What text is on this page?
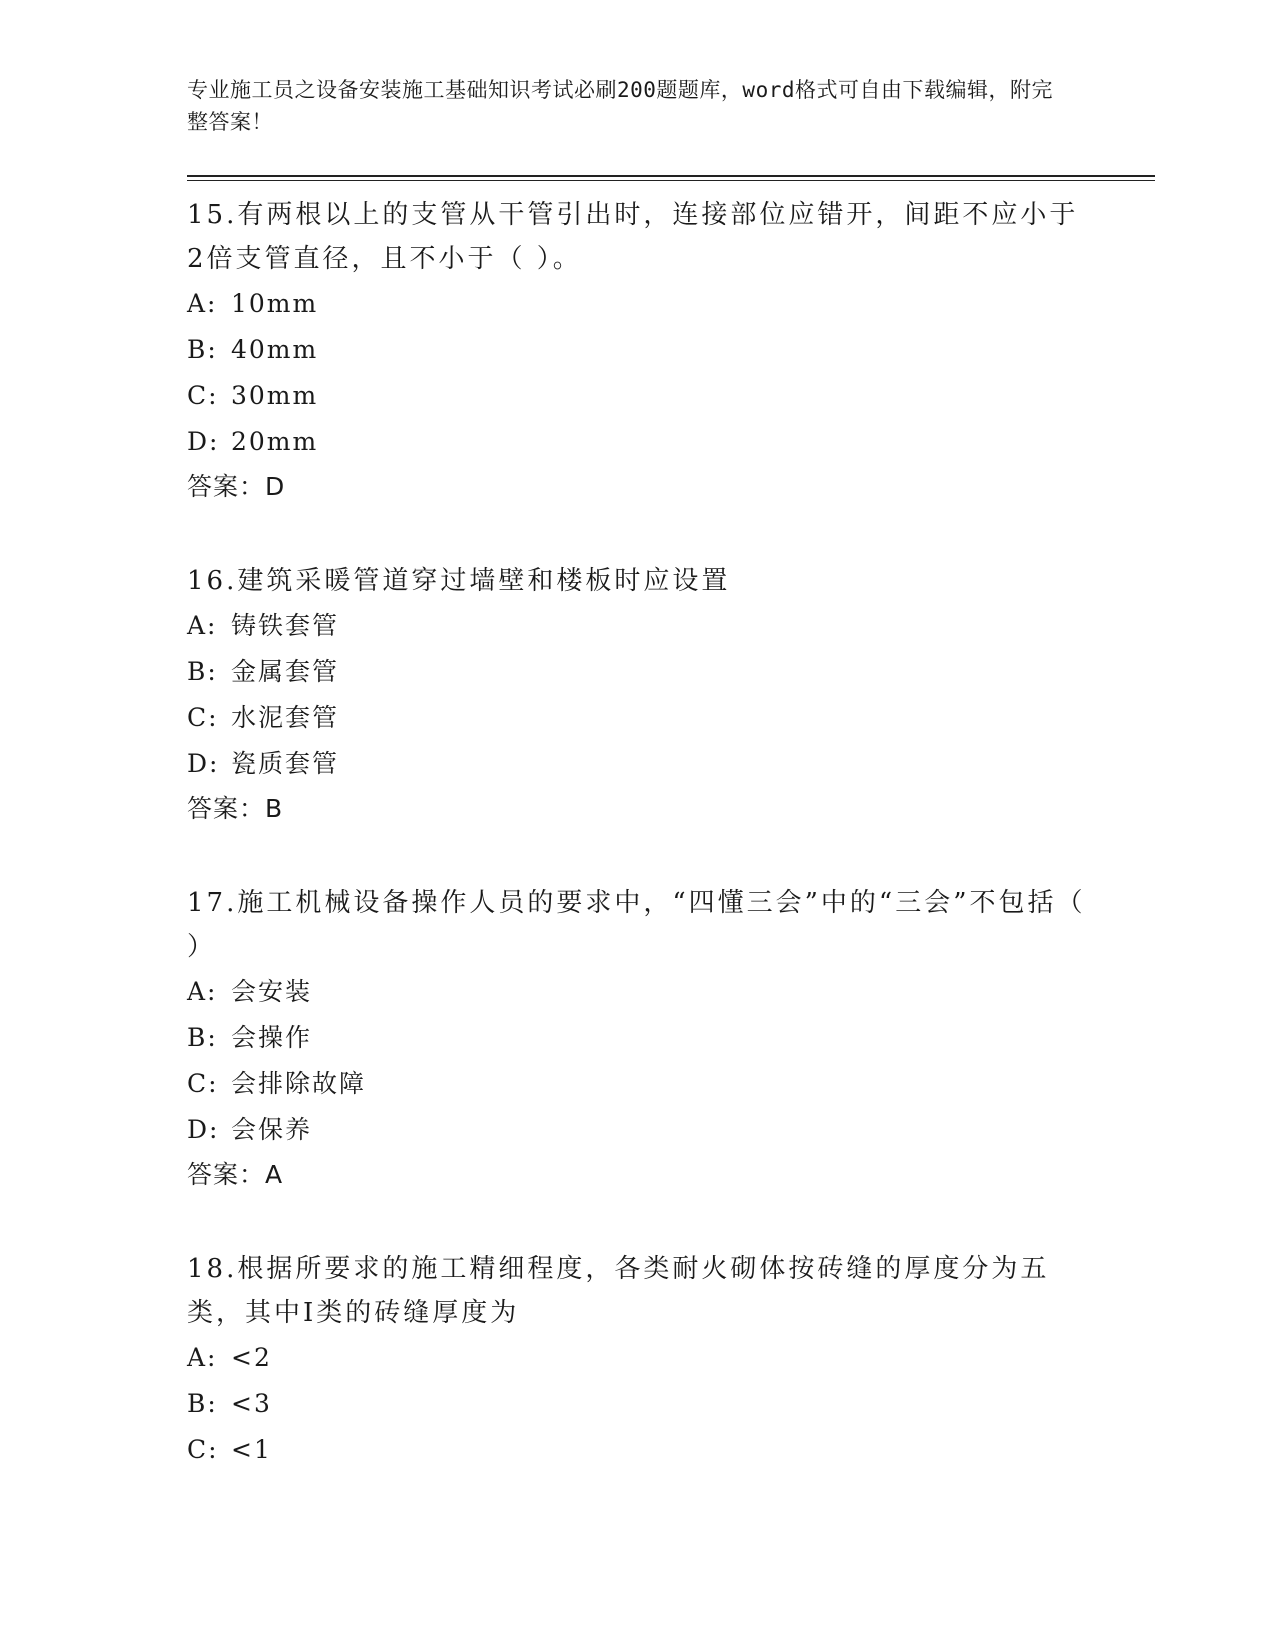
专业施工员之设备安装施工基础知识考试必刷200题题库，word格式可自由下载编辑，附完整答案！

15.有两根以上的支管从干管引出时，连接部位应错开，间距不应小于2倍支管直径，且不小于（ ）。

A: 10mm

B: 40mm

C: 30mm

D: 20mm

答案：D

16.建筑采暖管道穿过墙壁和楼板时应设置

A: 铸铁套管

B: 金属套管

C: 水泥套管

D: 瓷质套管

答案：B

17.施工机械设备操作人员的要求中，“四懂三会”中的“三会”不包括（ ）

A: 会安装

B: 会操作

C: 会排除故障

D: 会保养

答案：A

18.根据所要求的施工精细程度，各类耐火砌体按砖缝的厚度分为五类，其中Ⅰ类的砖缝厚度为

A: <2

B: <3

C: <1
